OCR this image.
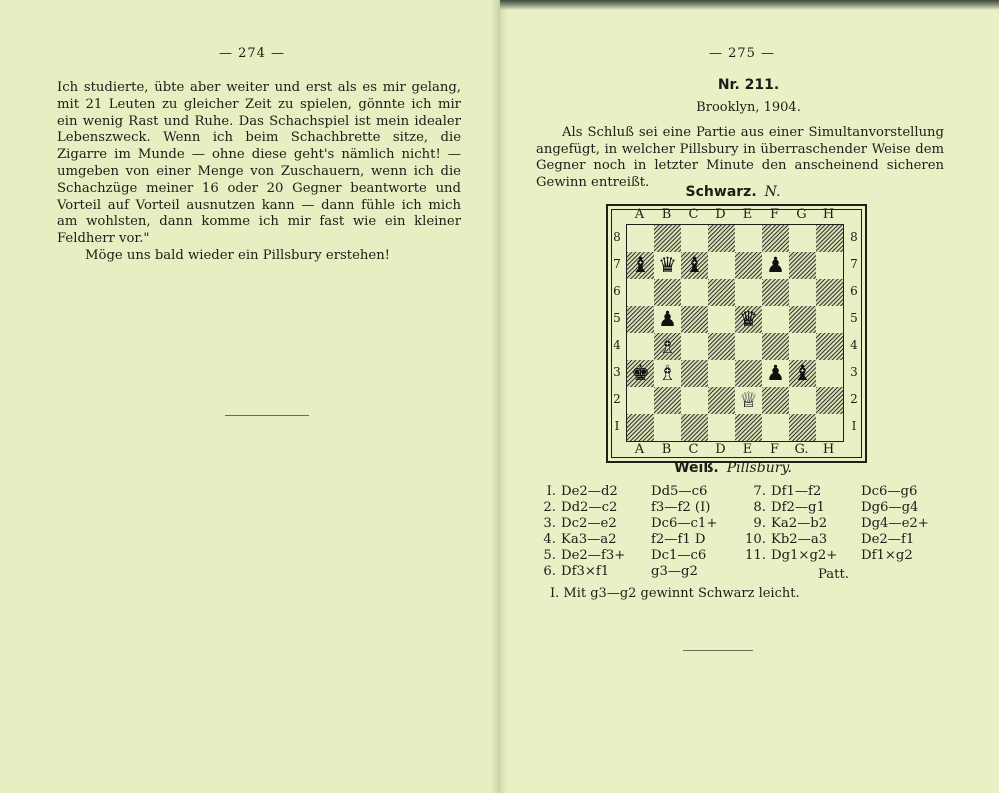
— 274 —

Ich studierte, übte aber weiter und erst als es mir gelang, mit 21 Leuten zu gleicher Zeit zu spielen, gönnte ich mir ein wenig Rast und Ruhe. Das Schachspiel ist mein idealer Lebenszweck. Wenn ich beim Schachbrette sitze, die Zigarre im Munde — ohne diese geht's nämlich nicht! — umgeben von einer Menge von Zuschauern, wenn ich die Schachzüge meiner 16 oder 20 Gegner beantworte und Vorteil auf Vorteil ausnutzen kann — dann fühle ich mich am wohlsten, dann komme ich mir fast wie ein kleiner Feldherr vor."

Möge uns bald wieder ein Pillsbury erstehen!

— 275 —
Nr. 211.
Brooklyn, 1904.

Als Schluß sei eine Partie aus einer Simultanvorstellung angefügt, in welcher Pillsbury in überraschender Weise dem Gegner noch in letzter Minute den anscheinend sicheren Gewinn entreißt.

Schwarz. N.
A	B	C	D	E	F	G	H
A	B	C	D	E	F	G.	H
8
7
6
5
4
3
2
I
8
7
6
5
4
3
2
I
♝ ♛ ♝	♟
♟	♛
♗
♚ ♗	♟ ♝
♕
Weiß. Pillsbury.
I. De2—d2	Dd5—c6
2. Dd2—c2	f3—f2 (I)
3. Dc2—e2	Dc6—c1+
4. Ka3—a2	f2—f1 D
5. De2—f3+ Dc1—c6
6. Df3×f1	g3—g2
7. Df1—f2	Dc6—g6
8. Df2—g1	Dg6—g4
9. Ka2—b2	Dg4—e2+
10. Kb2—a3	De2—f1
11. Dg1×g2+ Df1×g2
Patt.
I. Mit g3—g2 gewinnt Schwarz leicht.
